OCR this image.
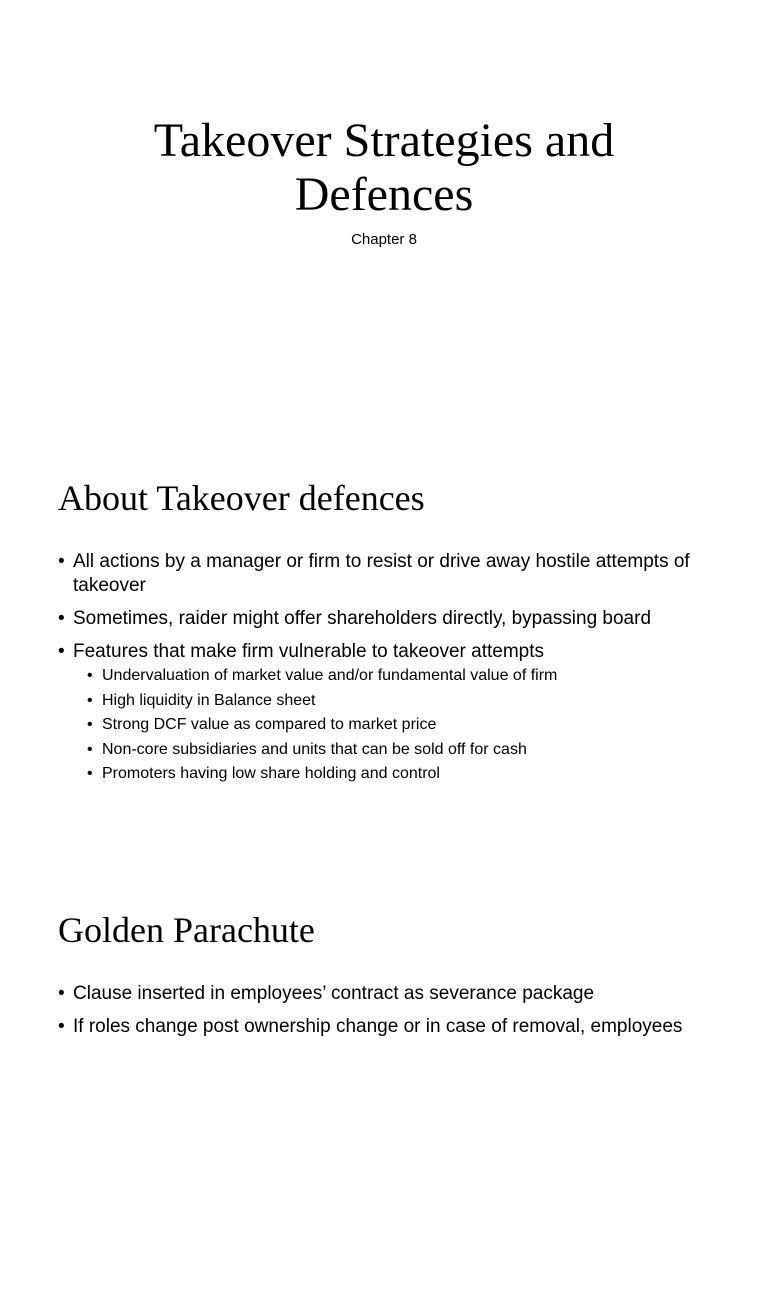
Takeover Strategies and
Defences

Chapter 8

About Takeover defences
• All actions by a manager or firm to resist or drive away hostile attempts of takeover
• Sometimes, raider might offer shareholders directly, bypassing board
• Features that make firm vulnerable to takeover attempts
• Undervaluation of market value and/or fundamental value of firm
• High liquidity in Balance sheet
• Strong DCF value as compared to market price
• Non-core subsidiaries and units that can be sold off for cash
• Promoters having low share holding and control
Golden Parachute
• Clause inserted in employees’ contract as severance package
• If roles change post ownership change or in case of removal, employees
